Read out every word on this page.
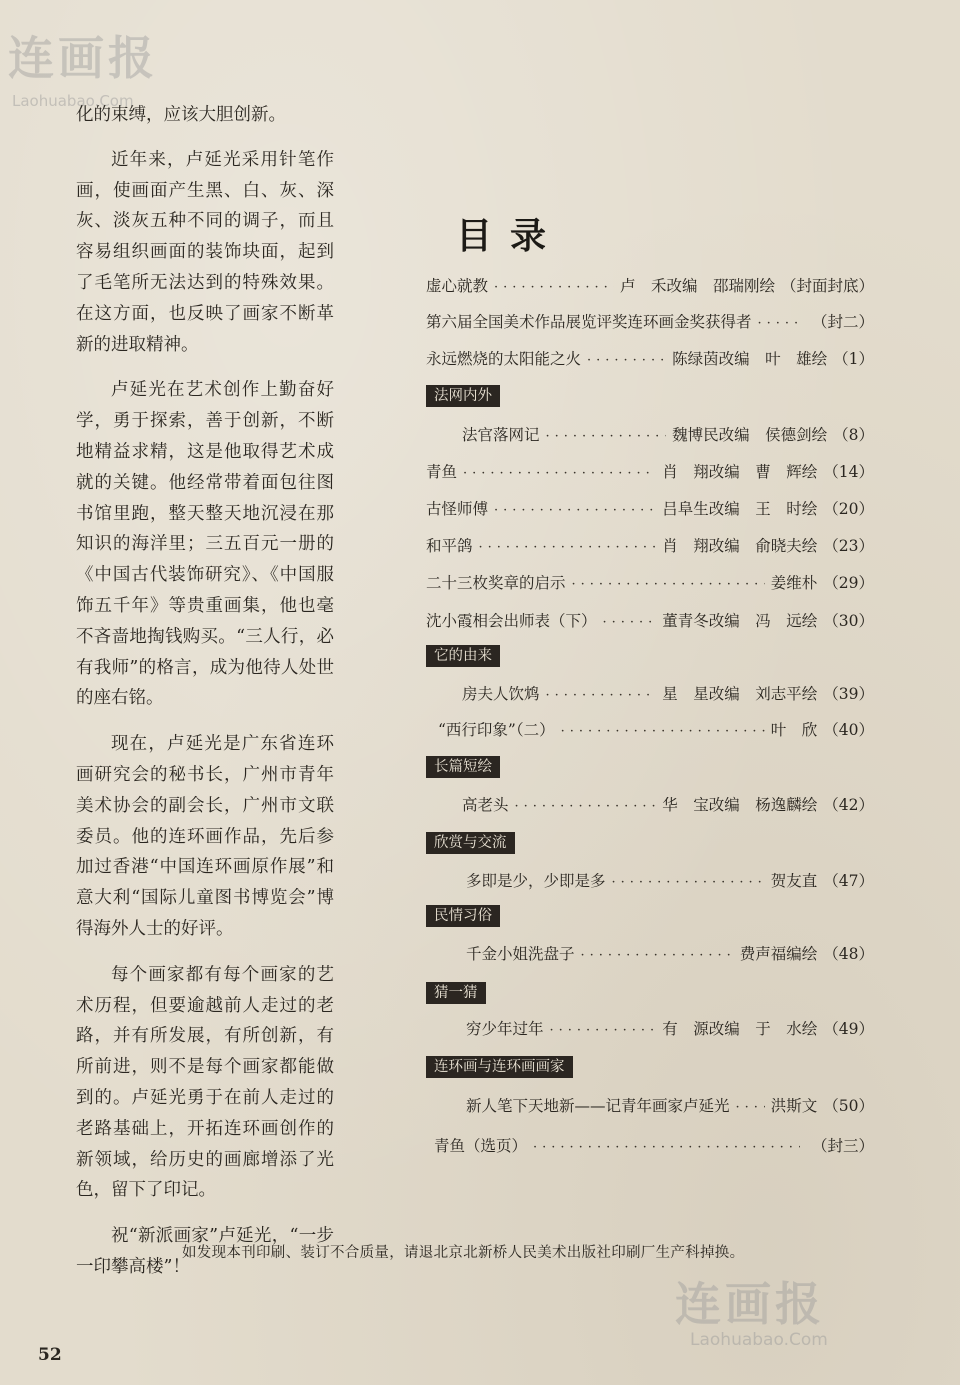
连画报
Laohuabao.Com
连画报
Laohuabao.Com

化的束缚，应该大胆创新。

近年来，卢延光采用针笔作画，使画面产生黑、白、灰、深灰、淡灰五种不同的调子，而且容易组织画面的装饰块面，起到了毛笔所无法达到的特殊效果。在这方面，也反映了画家不断革新的进取精神。

卢延光在艺术创作上勤奋好学，勇于探索，善于创新，不断地精益求精，这是他取得艺术成就的关键。他经常带着面包往图书馆里跑，整天整天地沉浸在那知识的海洋里；三五百元一册的《中国古代装饰研究》、《中国服饰五千年》等贵重画集，他也毫不吝啬地掏钱购买。“三人行，必有我师”的格言，成为他待人处世的座右铭。

现在，卢延光是广东省连环画研究会的秘书长，广州市青年美术协会的副会长，广州市文联委员。他的连环画作品，先后参加过香港“中国连环画原作展”和意大利“国际儿童图书博览会”博得海外人士的好评。

每个画家都有每个画家的艺术历程，但要逾越前人走过的老路，并有所发展，有所创新，有所前进，则不是每个画家都能做到的。卢延光勇于在前人走过的老路基础上，开拓连环画创作的新领域，给历史的画廊增添了光色，留下了印记。

祝“新派画家”卢延光，“一步一印攀高楼”！

目录
虚心就教 ·····	卢　禾改编　邵瑞刚绘 （封面封底）
第六届全国美术作品展览评奖连环画金奖获得者 ·····	（封二）
永远燃烧的太阳能之火 ·····	陈绿茵改编　叶　雄绘 （1）
法网内外
法官落网记 ·····	魏博民改编　侯德剑绘 （8）
青鱼 ·····	肖　翔改编　曹　辉绘 （14）
古怪师傅 ·····	吕阜生改编　王　时绘 （20）
和平鸽 ·····	肖　翔改编　俞晓夫绘 （23）
二十三枚奖章的启示 ·····	姜维朴 （29）
沈小霞相会出师表（下） ·····	董青冬改编　冯　远绘 （30）
它的由来
房夫人饮鸩 ·····	星　星改编　刘志平绘 （39）
“西行印象”（二） ·····	叶　欣 （40）
长篇短绘
高老头 ·····	华　宝改编　杨逸麟绘 （42）
欣赏与交流
多即是少，少即是多 ·····	贺友直 （47）
民情习俗
千金小姐洗盘子 ·····	费声福编绘 （48）
猜一猜
穷少年过年 ·····	有　源改编　于　水绘 （49）
连环画与连环画画家
新人笔下天地新——记青年画家卢延光 ·····	洪斯文 （50）
青鱼（选页） ·····	（封三）
如发现本刊印刷、装订不合质量，请退北京北新桥人民美术出版社印刷厂生产科掉换。
52
